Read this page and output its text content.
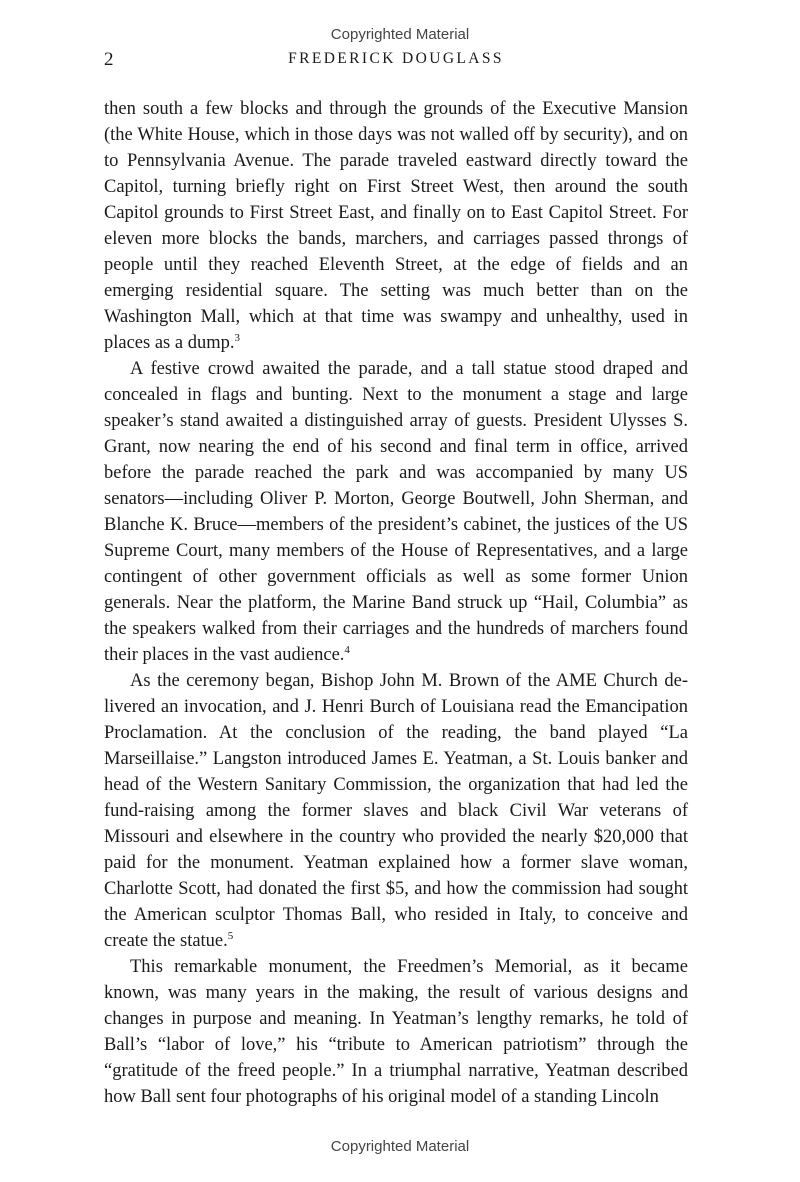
Copyrighted Material
2	FREDERICK DOUGLASS

then south a few blocks and through the grounds of the Executive Mansion (the White House, which in those days was not walled off by security), and on to Pennsylvania Avenue. The parade traveled eastward directly toward the Capitol, turning briefly right on First Street West, then around the south Capitol grounds to First Street East, and finally on to East Capitol Street. For eleven more blocks the bands, marchers, and carriages passed throngs of people until they reached Eleventh Street, at the edge of fields and an emerging residential square. The setting was much better than on the Washington Mall, which at that time was swampy and unhealthy, used in places as a dump.$^3$

A festive crowd awaited the parade, and a tall statue stood draped and concealed in flags and bunting. Next to the monument a stage and large speaker’s stand awaited a distinguished array of guests. President Ulysses S. Grant, now nearing the end of his second and final term in office, arrived before the parade reached the park and was accompanied by many US senators—including Oliver P. Morton, George Boutwell, John Sherman, and Blanche K. Bruce—members of the president’s cabinet, the justices of the US Supreme Court, many members of the House of Representatives, and a large contingent of other government officials as well as some former Union generals. Near the platform, the Marine Band struck up “Hail, Columbia” as the speakers walked from their carriages and the hundreds of marchers found their places in the vast audience.$^4$

As the ceremony began, Bishop John M. Brown of the AME Church delivered an invocation, and J. Henri Burch of Louisiana read the Emancipation Proclamation. At the conclusion of the reading, the band played “La Marseillaise.” Langston introduced James E. Yeatman, a St. Louis banker and head of the Western Sanitary Commission, the organization that had led the fund-raising among the former slaves and black Civil War veterans of Missouri and elsewhere in the country who provided the nearly $20,000 that paid for the monument. Yeatman explained how a former slave woman, Charlotte Scott, had donated the first $5, and how the commission had sought the American sculptor Thomas Ball, who resided in Italy, to conceive and create the statue.$^5$

This remarkable monument, the Freedmen’s Memorial, as it became known, was many years in the making, the result of various designs and changes in purpose and meaning. In Yeatman’s lengthy remarks, he told of Ball’s “labor of love,” his “tribute to American patriotism” through the “gratitude of the freed people.” In a triumphal narrative, Yeatman described how Ball sent four photographs of his original model of a standing Lincoln

Copyrighted Material
